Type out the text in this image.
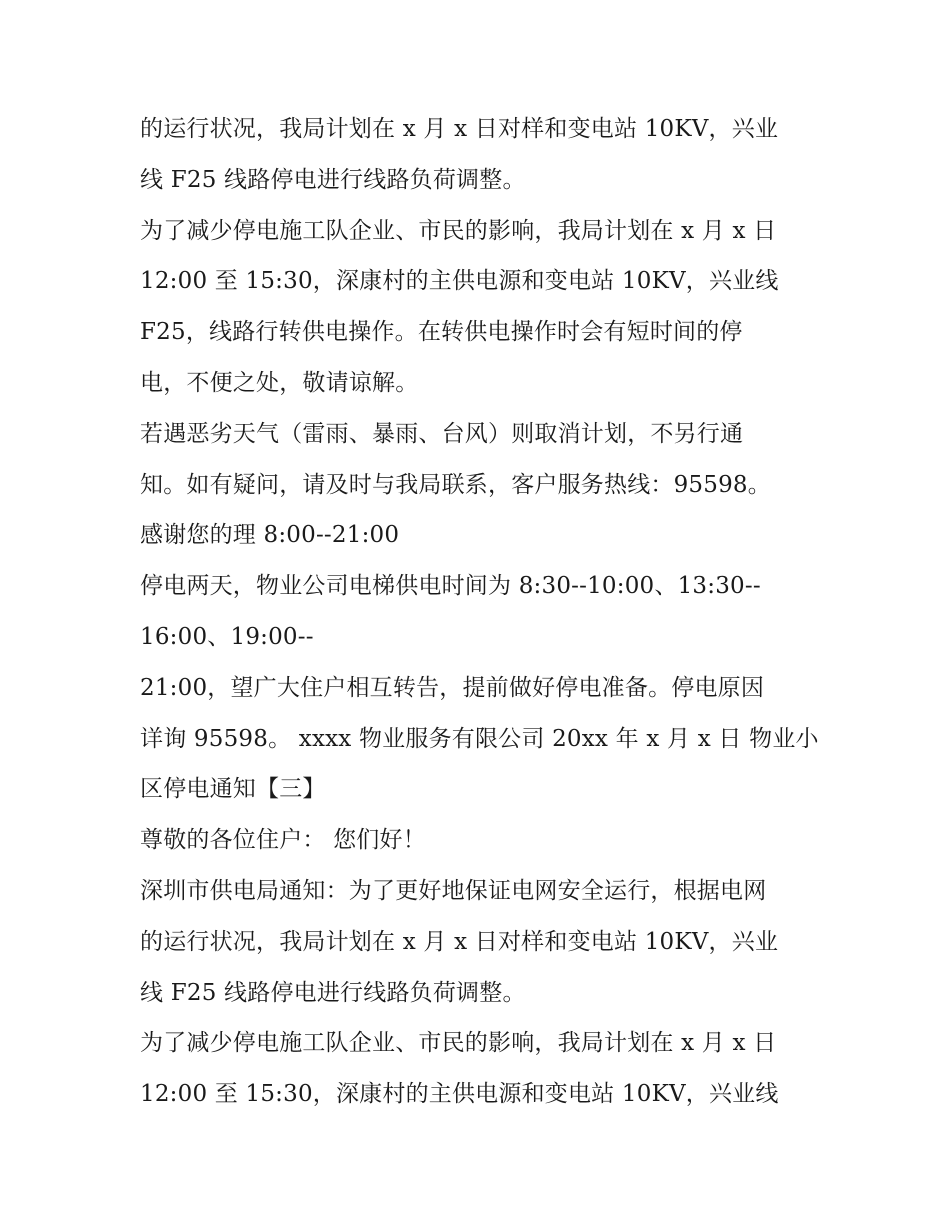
的运行状况，我局计划在 x 月 x 日对样和变电站 10KV，兴业
线 F25 线路停电进行线路负荷调整。
为了减少停电施工队企业、市民的影响，我局计划在 x 月 x 日
12:00 至 15:30，深康村的主供电源和变电站 10KV，兴业线
F25，线路行转供电操作。在转供电操作时会有短时间的停
电，不便之处，敬请谅解。
若遇恶劣天气（雷雨、暴雨、台风）则取消计划，不另行通
知。如有疑问，请及时与我局联系，客户服务热线：95598。
感谢您的理 8:00--21:00
停电两天，物业公司电梯供电时间为 8:30--10:00、13:30--
16:00、19:00--
21:00，望广大住户相互转告，提前做好停电准备。停电原因
详询 95598。 xxxx 物业服务有限公司 20xx 年 x 月 x 日 物业小
区停电通知【三】
尊敬的各位住户： 您们好！
深圳市供电局通知：为了更好地保证电网安全运行，根据电网
的运行状况，我局计划在 x 月 x 日对样和变电站 10KV，兴业
线 F25 线路停电进行线路负荷调整。
为了减少停电施工队企业、市民的影响，我局计划在 x 月 x 日
12:00 至 15:30，深康村的主供电源和变电站 10KV，兴业线
